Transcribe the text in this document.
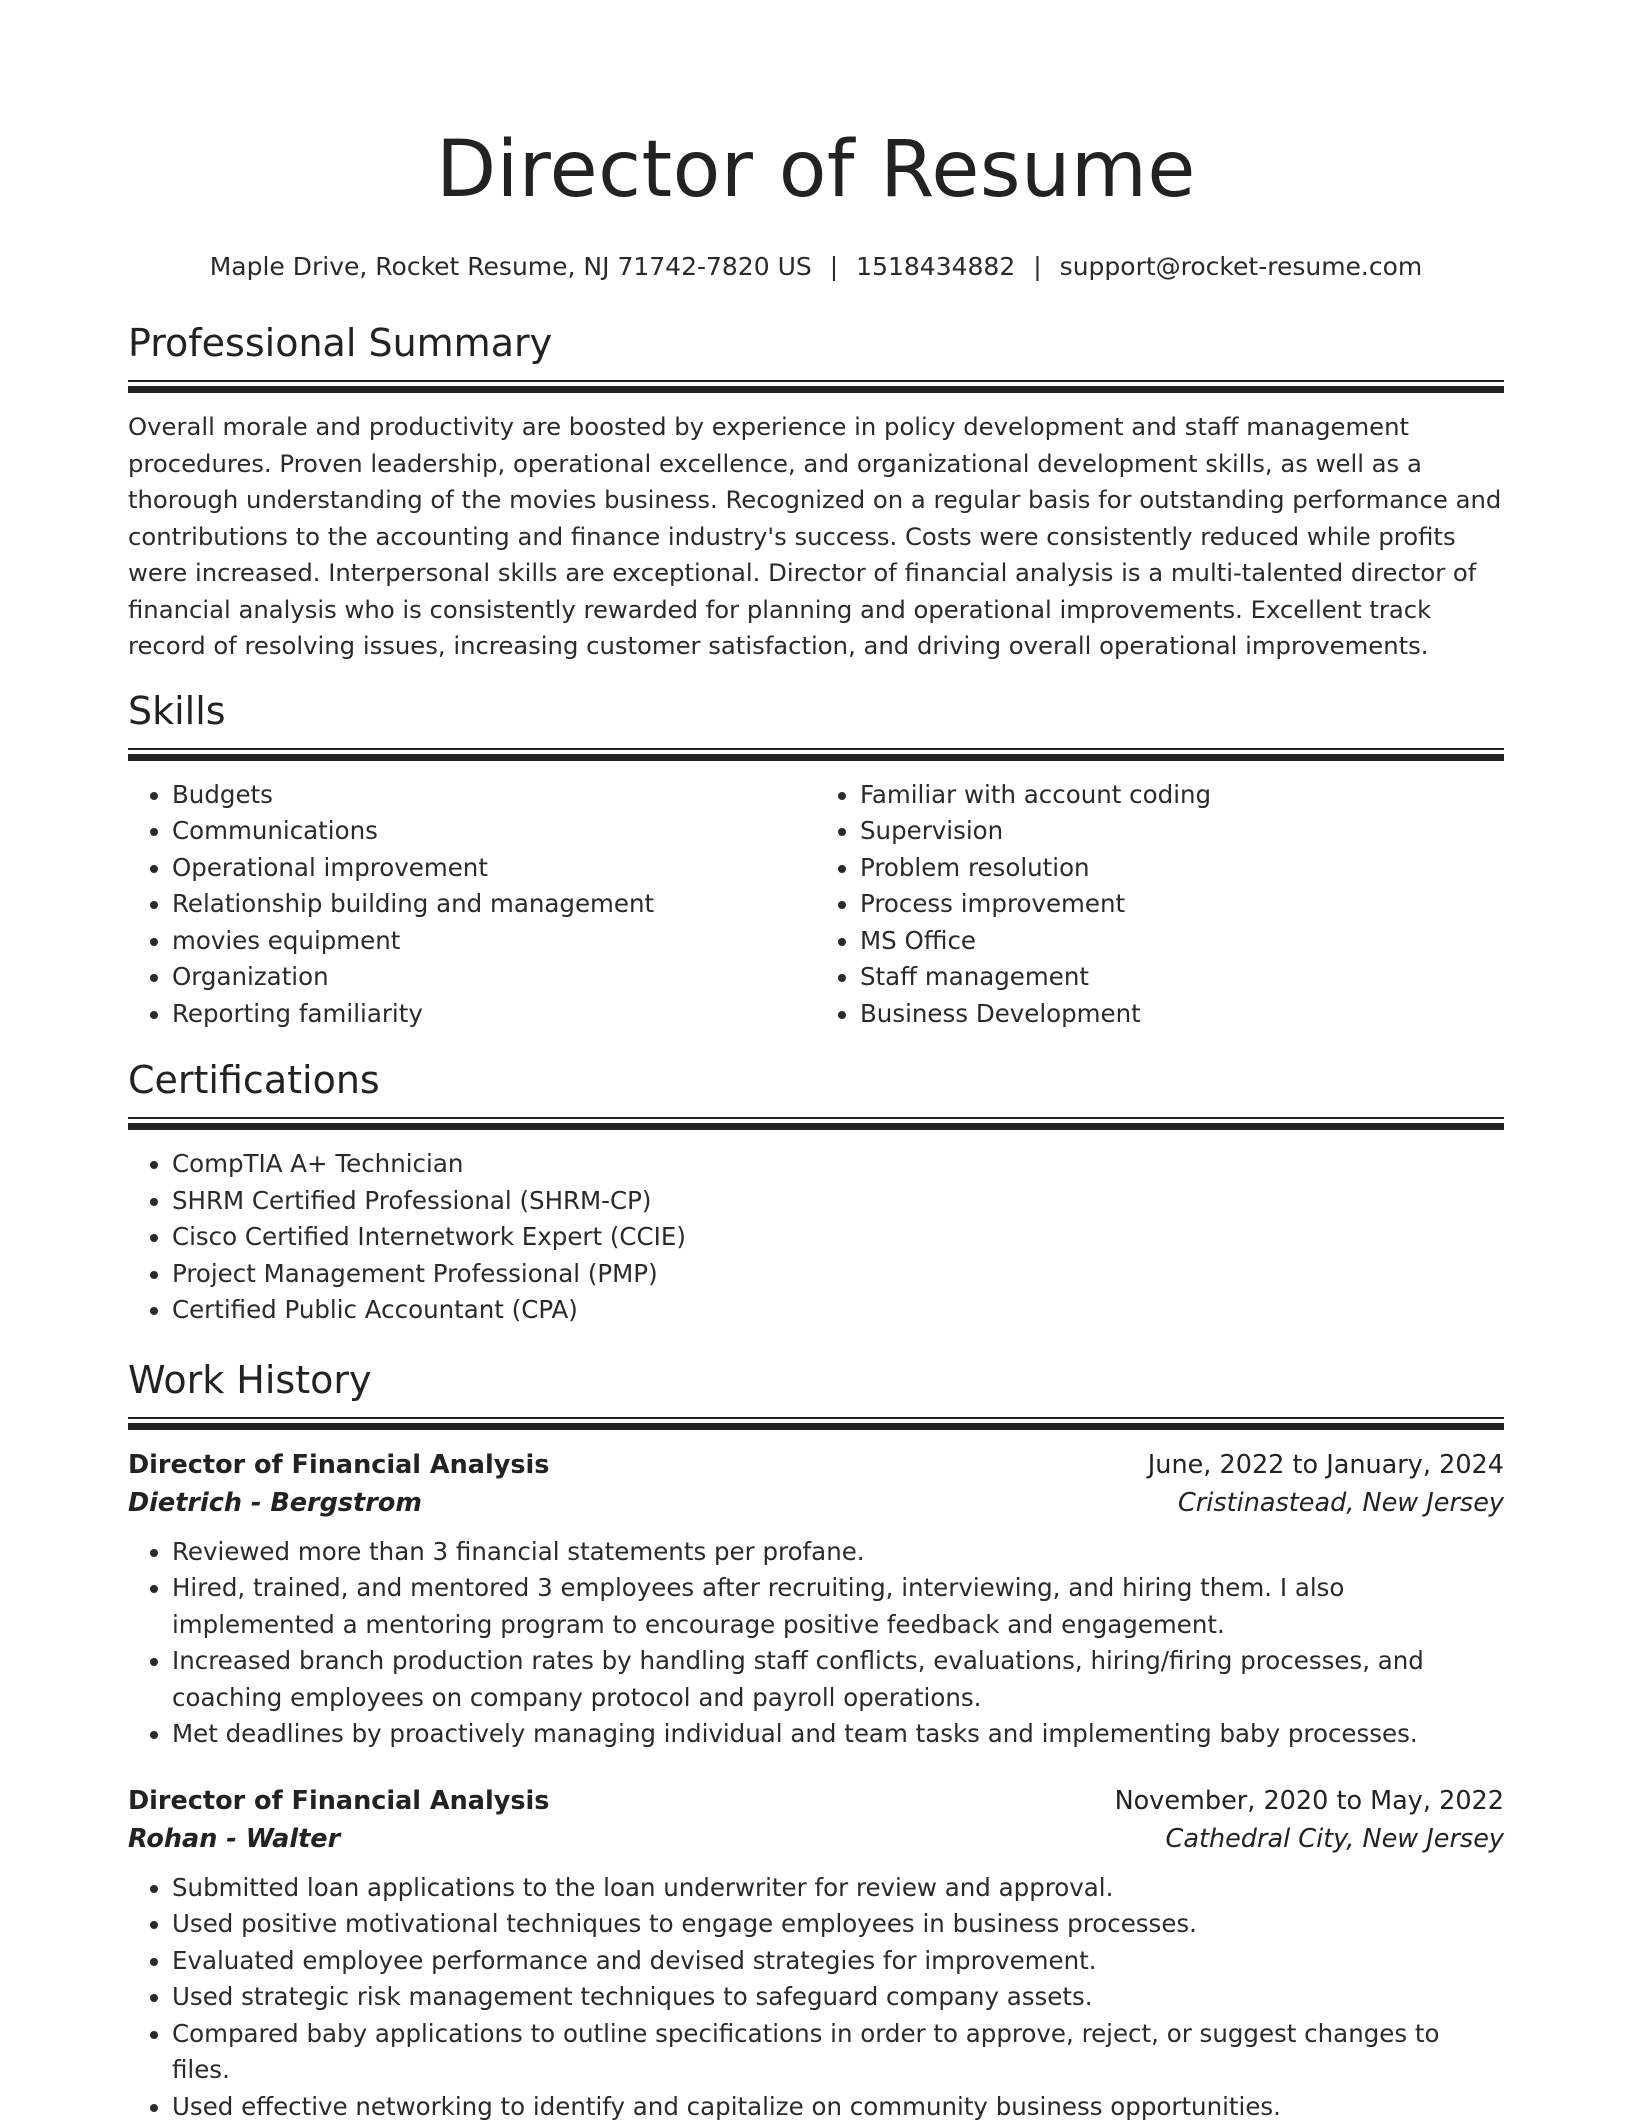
Director of Resume
Maple Drive, Rocket Resume, NJ 71742-7820 US | 1518434882 | support@rocket-resume.com
Professional Summary

Overall morale and productivity are boosted by experience in policy development and staff management procedures. Proven leadership, operational excellence, and organizational development skills, as well as a thorough understanding of the movies business. Recognized on a regular basis for outstanding performance and contributions to the accounting and finance industry's success. Costs were consistently reduced while profits were increased. Interpersonal skills are exceptional. Director of financial analysis is a multi-talented director of financial analysis who is consistently rewarded for planning and operational improvements. Excellent track record of resolving issues, increasing customer satisfaction, and driving overall operational improvements.

Skills
• Budgets
• Communications
• Operational improvement
• Relationship building and management
• movies equipment
• Organization
• Reporting familiarity
• Familiar with account coding
• Supervision
• Problem resolution
• Process improvement
• MS Office
• Staff management
• Business Development
Certifications
• CompTIA A+ Technician
• SHRM Certified Professional (SHRM-CP)
• Cisco Certified Internetwork Expert (CCIE)
• Project Management Professional (PMP)
• Certified Public Accountant (CPA)
Work History
Director of Financial Analysis	June, 2022 to January, 2024
Dietrich - Bergstrom	Cristinastead, New Jersey
• Reviewed more than 3 financial statements per profane.
• Hired, trained, and mentored 3 employees after recruiting, interviewing, and hiring them. I also implemented a mentoring program to encourage positive feedback and engagement.
• Increased branch production rates by handling staff conflicts, evaluations, hiring/firing processes, and coaching employees on company protocol and payroll operations.
• Met deadlines by proactively managing individual and team tasks and implementing baby processes.
Director of Financial Analysis	November, 2020 to May, 2022
Rohan - Walter	Cathedral City, New Jersey
• Submitted loan applications to the loan underwriter for review and approval.
• Used positive motivational techniques to engage employees in business processes.
• Evaluated employee performance and devised strategies for improvement.
• Used strategic risk management techniques to safeguard company assets.
• Compared baby applications to outline specifications in order to approve, reject, or suggest changes to files.
• Used effective networking to identify and capitalize on community business opportunities.
